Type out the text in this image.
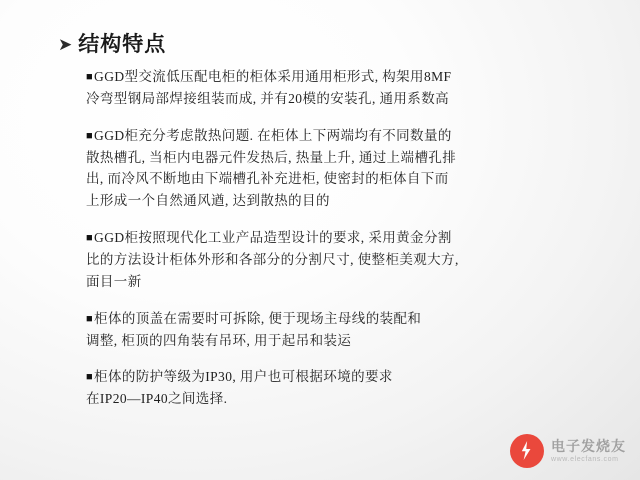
➤ 结构特点

■GGD型交流低压配电柜的柜体采用通用柜形式, 构架用8MF
冷弯型钢局部焊接组装而成, 并有20模的安装孔, 通用系数高

■GGD柜充分考虑散热问题. 在柜体上下两端均有不同数量的
散热槽孔, 当柜内电器元件发热后, 热量上升, 通过上端槽孔排
出, 而冷风不断地由下端槽孔补充进柜, 使密封的柜体自下而
上形成一个自然通风遒, 达到散热的目的

■GGD柜按照现代化工业产品造型设计的要求, 采用黄金分割
比的方法设计柜体外形和各部分的分割尺寸, 使整柜美观大方,
面目一新

■柜体的顶盖在需要时可拆除, 便于现场主母线的装配和
调整, 柜顶的四角装有吊环, 用于起吊和装运

■柜体的防护等级为IP30, 用户也可根据环境的要求
在IP20—IP40之间选择.

电子发烧友
www.elecfans.com
